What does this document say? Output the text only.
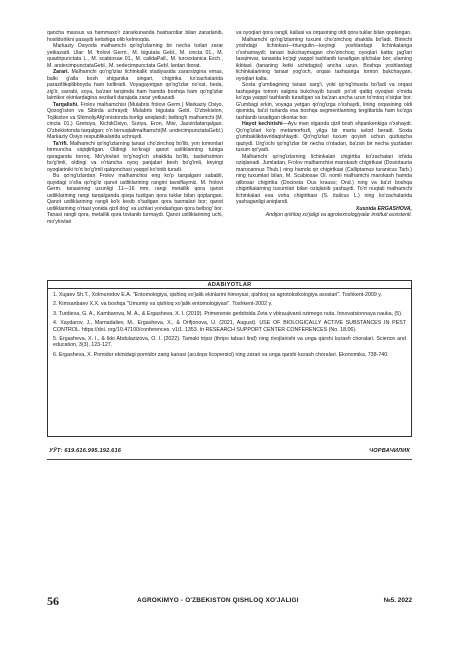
qancha maxsus va hammaxo'r zararkunanda hasharotlar bilan zararlanib, hosildorlikni pasayib ketishiga olib kelmoqda.

Markaziy Osiyoda malhamchi qo'ng'izlarning bir necha turlari zarar yetkazadi. Ular: M. frolovi Germ., M. bigutata Gebl., M. cincta 01., M. quadripunctata L., M. scabiosae 01., M. calidaPall., M. turcestanica Esch., M. andecimpunctataGebl., M. sedecimpunctata Gebl. lardan iborat.

Zarari. Malhamchi qo'ng'izlar lichinkalik stadiyasida zararsizgina emas, balki g'alla bosh shiganika singari, chigirtka ko'zachalarida parazitlikqilibboyda ham keltiradi. Voyagayetgan qo'ng'izlar no'xat, beda, zig'ir, sarrabi, soya, ba'zan tarqimda ham hamda boshqa ham qo'ng'izlar lalmikor ekinlardagina sezilarli darajada zarar yetkazadi.

Tarqalishi. Frolov malhamchisi (Mulabris frolovi Germ.) Markaziy Osiyo, Qozog'iston va Sibirda uchraydi; Mulabris bigutata Gebl. O'zbekiston, Tojikiston va ShimoliyAfg'onistonda borligi aniqlandi; belbog'li malhamchi (M. cincta 01.) Gretsiya, KichikOsiyo, Suriya, Eron, Misr, Jazoirdatarqalgan. O'zbekistonda tarqalgan; o'n birnuqtalimalhamchi(M. undecimpunctataGebl.) Markaziy Osiyo respublikalarida uchraydi.

Ta'rifi. Malhamchi qo'ng'izlarning tanasi cho'zinchoq bo'lib, yon tomonlari birmuncha siqiqtirilgan. Oldingi ko'kragi qanot ustliklarining tubiga qaraganda torroq. Mo'ylovlari to'g'nog'ich shaklida bo'lib, tasbehsimon bo'g'imli, oldingi va o'rtancha oyoq panjalari besh bo'g'imli, keyingi oyoqlariniki to'rt bo'g'imli qalqonchasi yaqqol ko'rinib turadi.

Bu qo'ng'izlardan Frolov malhamchisi eng ko'p tarqalgani sababli, quyidagi o'sha qo'ng'iz qanot ustliklarining rangini tavsiflaymiz. M. frolovi Germ. tanasining uzunligi 11—16 mm, rangi metallik qora qanot ustliklarining rangi tarqalganda qisqa tuzilgan qora tuklar bilan qoplangan. Qanot ustliklarining rangli ko'k kesib o'tadigan qora tasmalari bor; qanot ustliklarining o'rtasi yonida qizil dog' va uchlari yondashgan qora belbog' bor. Tanasi rangli qora, metallik qora tovlanib turmaydi. Qanot ustliklarining uchi, mo'ylovlari

va oyoqlari qora rangli, kallasi va orqasining oldi qora tuklar bilan qoplangan.

Malhamchi qo'ng'izlarning tuxumi cho'zinchoq shaklda bo'ladi. Birinchi yoshdagi lichinkasi—triungulin—keyingi yoshlardagi lichinkalariga o'xshamaydi; tanasi bukchaymagan cho'zinchoq; oyoqlari katta; jag'lari tasqimvar, tanasida ko'pgi yaqqol tashlanib turadigan qilchalar bor; ularning ikkitasi (tananing ketki uchidagisi) ancha uzun. Boshqa yoshlardagi lichinkalarining tanasi yog'och, orqasi tashqariga tomon bukchaygan, oyoqlari kalta.

Soxta g'umbagining tanasi sarg'i, yoki qo'ng'irtusda bo'ladi va orqasi tashqariga tomon salgina bukchayib turadi: po'sti qattiq oyoqlari o'rnida ko'zga yaqqol tashlanib turadigan va ba'zan ancha uzun to'mtoq o'siqlar bor. G'umbagi erkin, voyaga yetgan qo'ng'izga o'xshaydi, lining orqasining oldi qismida, ba'zi turlarda esa boshqa segmentlarining tergitlarida ham ko'zga tashlanib turadigan tikonlar bor.

Hayot kechirishi—Ayu man olganda qizil bosh shpankenkiga o'xshaydi. Qo'ng'izlari ko'p metamorfozli, yilga bir marta avlod beradi. Soxta g'umbaklikdavridaqishlaydi. Qo'ng'izlari tuxum qoyish uchun quduqcha qaziydi. Urg'ochi qo'ng'izlar bir necha o'ntadan, ba'zan bir necha yuztadan tuxum qo'yadi.

Malhamchi qo'ng'izlarning lichinkalari chigirtka ko'zachalari ichida oziqlanadi. Jumladan, Frolov malhamchisi marokash chigirtkasi (Dosiotauria marocannus Thub.) ning hamda qir chigirtkasi (Calliptamus turanicus Tarb.) ning tuxumlari bilan, M. Scabiosae Ol. nomli malhamchi marokash hamda qilbosar chigirtka (Dociosta Ous krauss; Ond.) ning va ba'zi boshqa chigirtkalarning tuxumlari bilan oziqlanib yashaydi. To'rt nuqtali malhamchi lichinkalari esa voha chigirtkasi (S. italicus L.) ning ko'zachalarida yashaganligi aniqlandi.

Xusnida ERGASHOVA,

Andijon qishloq xo'jaligi va agrotexnologiyalar instituti assistenti.

ADABIYOTLAR

1. Xujaev Sh.T., Xolmurodov E.A. "Entomologiya, qishloq xo'jalik ekinlarini himoyasi, qishloq va agrotoksikologiya asoslari". Toshkent-2009 y.

2. Kimsanbaev X.X. va boshqa "Umumiy va qishloq xo'jalik entomologiyasi". Toshkent-2002 y.

3. Turdieva, G. A., Kambarova, M. A., & Ergasheva, X. I. (2019). Primenenie gerbitsida Zeta v vbiraujivanii ozimogo nuta. Innovatsionnaya nauka, (5).

4. Xaydarov, J., Mamadaliev, M., Ergasheva, X., & Orifjonova, U. (2021, August). USE OF BIOLOGICALLY ACTIVE SUBSTANCES IN PEST CONTROL. https://doi. org/10.47100/conferences. v1i1. 1353. In RESEARCH SUPPORT CENTER CONFERENCES (No. 18.06).

5. Ergasheva, X. I., & Ikki Abdulazizova, O. I. (2022). Tamaki tripsi (thrips tabaci lind) ning rivojlanishi va unga qarshi kurash choralari. Science and education, 3(3), 123-127.

6. Ergasheva, X. Pomidor ekinidagi pomidor zang kanasi (aculops licopersici) ning zarari va unga qarshi kurash choralari. Ekonomika, 738-740.

УЎТ: 619.616.995.192.616	ЧОРВАЧИЛИК
56	AGROKIMYO - O'ZBEKISTON QISHLOQ XO'JALIGI	№5. 2022
